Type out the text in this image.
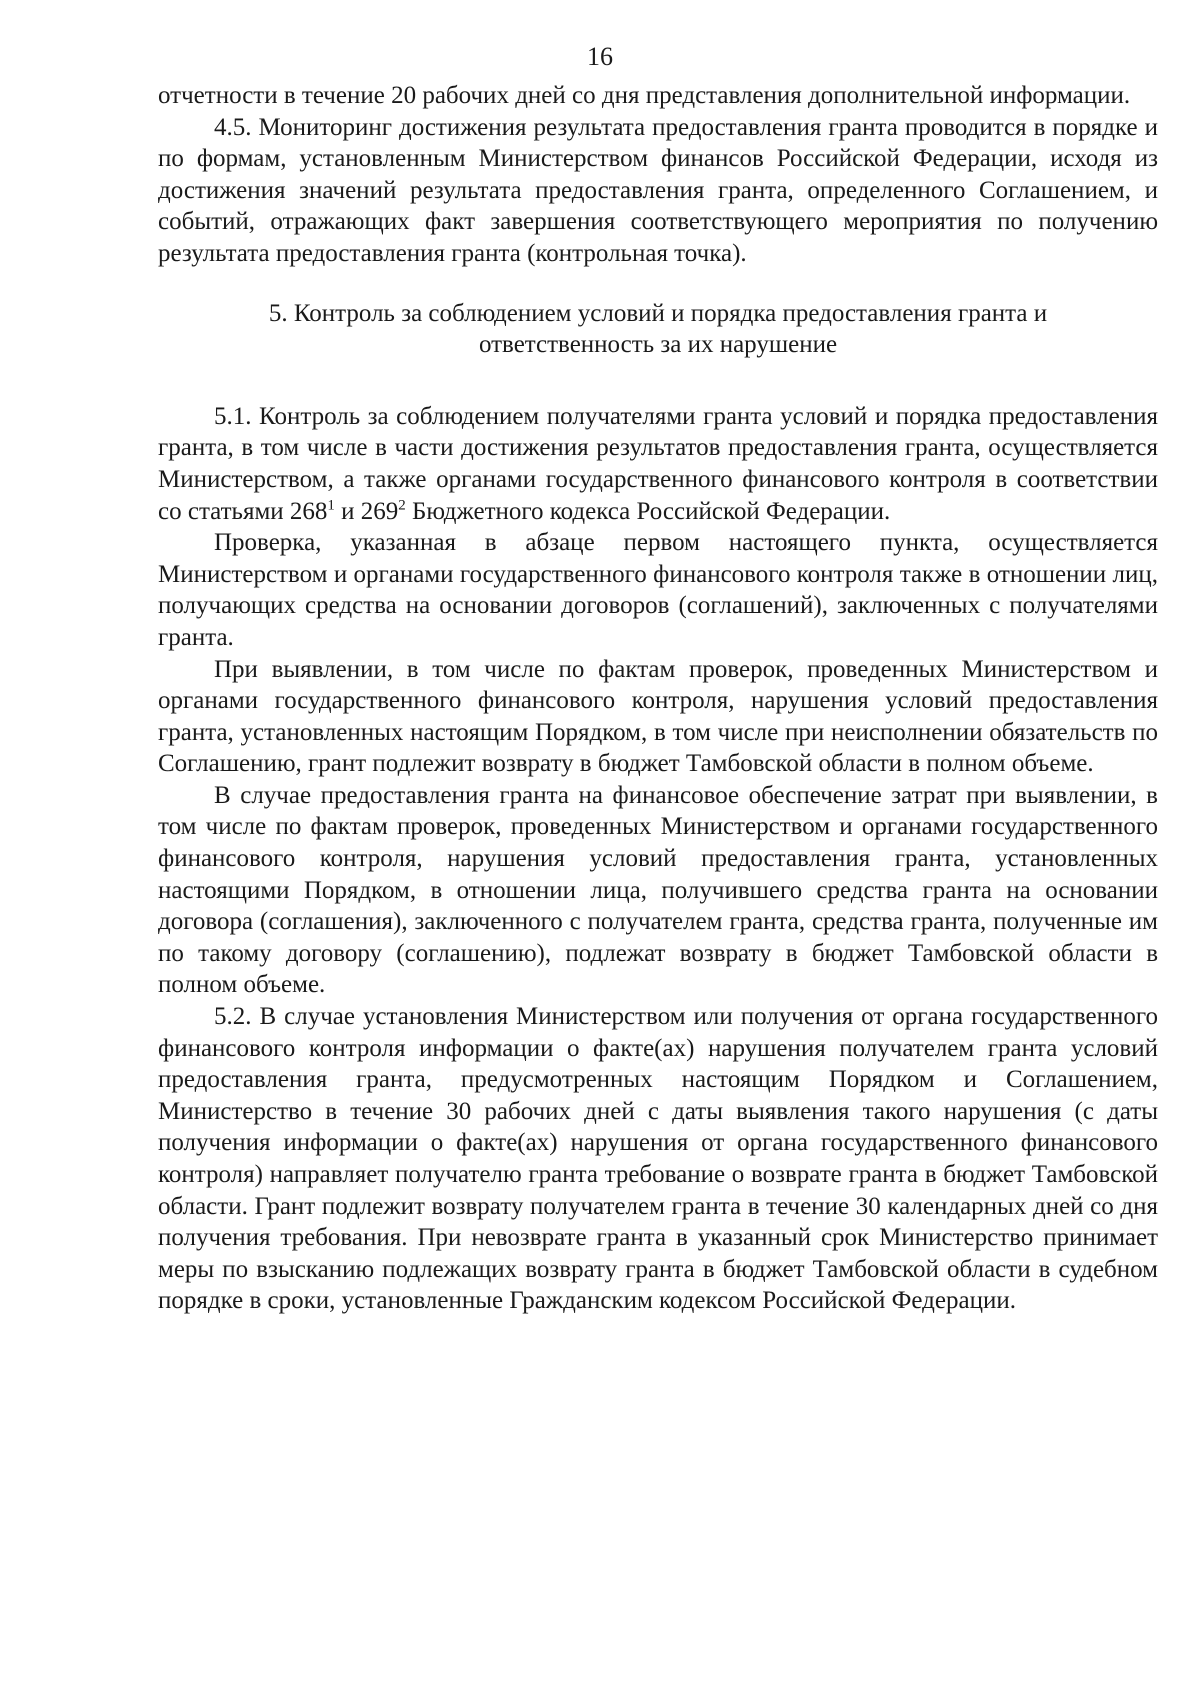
16

отчетности в течение 20 рабочих дней со дня представления дополнительной информации.

4.5. Мониторинг достижения результата предоставления гранта проводится в порядке и по формам, установленным Министерством финансов Российской Федерации, исходя из достижения значений результата предоставления гранта, определенного Соглашением, и событий, отражающих факт завершения соответствующего мероприятия по получению результата предоставления гранта (контрольная точка).

5. Контроль за соблюдением условий и порядка предоставления гранта и
ответственность за их нарушение

5.1. Контроль за соблюдением получателями гранта условий и порядка предоставления гранта, в том числе в части достижения результатов предоставления гранта, осуществляется Министерством, а также органами государственного финансового контроля в соответствии со статьями $268^1$ и $269^2$ Бюджетного кодекса Российской Федерации.

Проверка, указанная в абзаце первом настоящего пункта, осуществляется Министерством и органами государственного финансового контроля также в отношении лиц, получающих средства на основании договоров (соглашений), заключенных с получателями гранта.

При выявлении, в том числе по фактам проверок, проведенных Министерством и органами государственного финансового контроля, нарушения условий предоставления гранта, установленных настоящим Порядком, в том числе при неисполнении обязательств по Соглашению, грант подлежит возврату в бюджет Тамбовской области в полном объеме.

В случае предоставления гранта на финансовое обеспечение затрат при выявлении, в том числе по фактам проверок, проведенных Министерством и органами государственного финансового контроля, нарушения условий предоставления гранта, установленных настоящими Порядком, в отношении лица, получившего средства гранта на основании договора (соглашения), заключенного с получателем гранта, средства гранта, полученные им по такому договору (соглашению), подлежат возврату в бюджет Тамбовской области в полном объеме.

5.2. В случае установления Министерством или получения от органа государственного финансового контроля информации о факте(ах) нарушения получателем гранта условий предоставления гранта, предусмотренных настоящим Порядком и Соглашением, Министерство в течение 30 рабочих дней с даты выявления такого нарушения (с даты получения информации о факте(ах) нарушения от органа государственного финансового контроля) направляет получателю гранта требование о возврате гранта в бюджет Тамбовской области. Грант подлежит возврату получателем гранта в течение 30 календарных дней со дня получения требования. При невозврате гранта в указанный срок Министерство принимает меры по взысканию подлежащих возврату гранта в бюджет Тамбовской области в судебном порядке в сроки, установленные Гражданским кодексом Российской Федерации.
